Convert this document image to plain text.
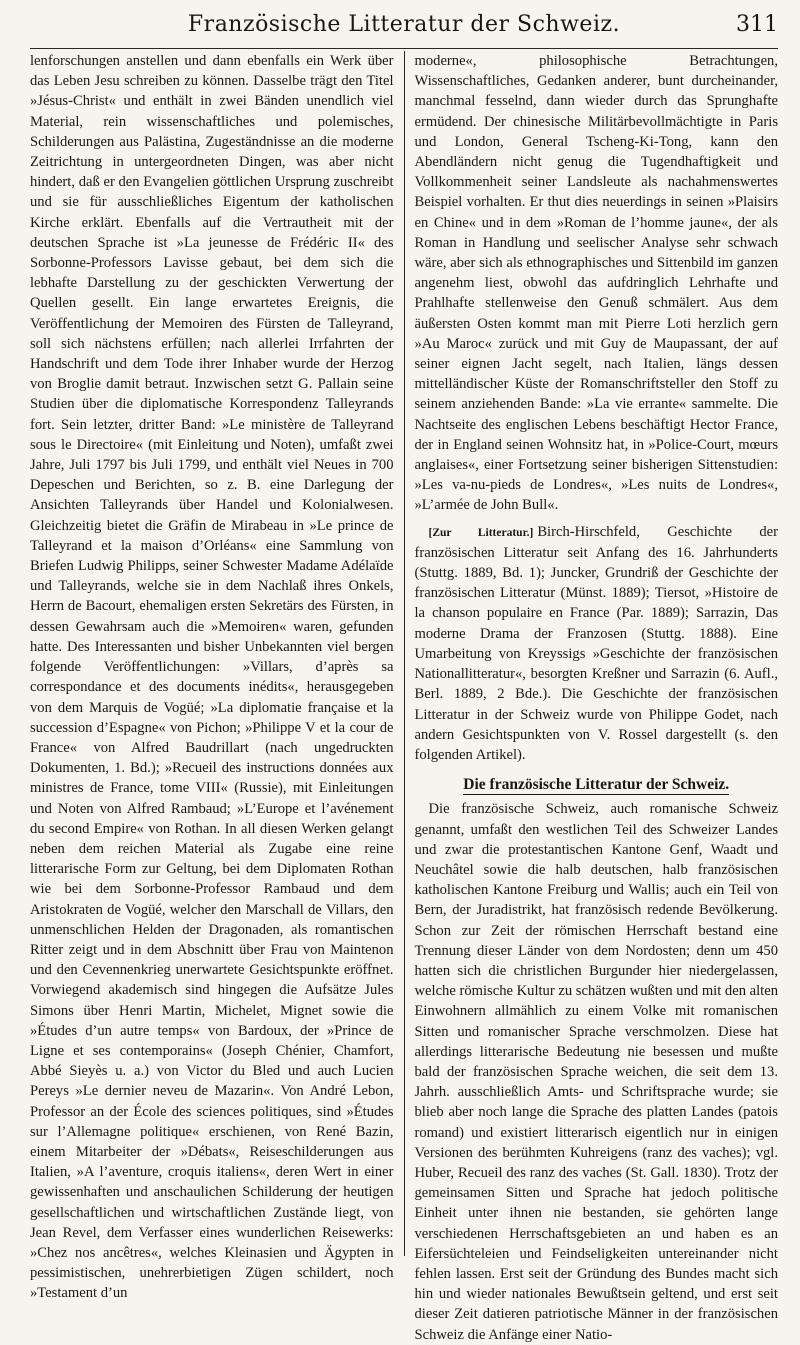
Französische Litteratur der Schweiz.	311

lenforschungen anstellen und dann ebenfalls ein Werk über das Leben Jesu schreiben zu können. Dasselbe trägt den Titel »Jésus-Christ« und enthält in zwei Bänden unendlich viel Material, rein wissenschaftliches und polemisches, Schilderungen aus Palästina, Zugeständnisse an die moderne Zeitrichtung in untergeordneten Dingen, was aber nicht hindert, daß er den Evangelien göttlichen Ursprung zuschreibt und sie für ausschließliches Eigentum der katholischen Kirche erklärt. Ebenfalls auf die Vertrautheit mit der deutschen Sprache ist »La jeunesse de Frédéric II« des Sorbonne-Professors Lavisse gebaut, bei dem sich die lebhafte Darstellung zu der geschickten Verwertung der Quellen gesellt. Ein lange erwartetes Ereignis, die Veröffentlichung der Memoiren des Fürsten de Talleyrand, soll sich nächstens erfüllen; nach allerlei Irrfahrten der Handschrift und dem Tode ihrer Inhaber wurde der Herzog von Broglie damit betraut. Inzwischen setzt G. Pallain seine Studien über die diplomatische Korrespondenz Talleyrands fort. Sein letzter, dritter Band: »Le ministère de Talleyrand sous le Directoire« (mit Einleitung und Noten), umfaßt zwei Jahre, Juli 1797 bis Juli 1799, und enthält viel Neues in 700 Depeschen und Berichten, so z. B. eine Darlegung der Ansichten Talleyrands über Handel und Kolonialwesen. Gleichzeitig bietet die Gräfin de Mirabeau in »Le prince de Talleyrand et la maison d’Orléans« eine Sammlung von Briefen Ludwig Philipps, seiner Schwester Madame Adélaïde und Talleyrands, welche sie in dem Nachlaß ihres Onkels, Herrn de Bacourt, ehemaligen ersten Sekretärs des Fürsten, in dessen Gewahrsam auch die »Memoiren« waren, gefunden hatte. Des Interessanten und bisher Unbekannten viel bergen folgende Veröffentlichungen: »Villars, d’après sa correspondance et des documents inédits«, herausgegeben von dem Marquis de Vogüé; »La diplomatie française et la succession d’Espagne« von Pichon; »Philippe V et la cour de France« von Alfred Baudrillart (nach ungedruckten Dokumenten, 1. Bd.); »Recueil des instructions données aux ministres de France, tome VIII« (Russie), mit Einleitungen und Noten von Alfred Rambaud; »L’Europe et l’avénement du second Empire« von Rothan. In all diesen Werken gelangt neben dem reichen Material als Zugabe eine reine litterarische Form zur Geltung, bei dem Diplomaten Rothan wie bei dem Sorbonne-Professor Rambaud und dem Aristokraten de Vogüé, welcher den Marschall de Villars, den unmenschlichen Helden der Dragonaden, als romantischen Ritter zeigt und in dem Abschnitt über Frau von Maintenon und den Cevennenkrieg unerwartete Gesichtspunkte eröffnet. Vorwiegend akademisch sind hingegen die Aufsätze Jules Simons über Henri Martin, Michelet, Mignet sowie die »Études d’un autre temps« von Bardoux, der »Prince de Ligne et ses contemporains« (Joseph Chénier, Chamfort, Abbé Sieyès u. a.) von Victor du Bled und auch Lucien Pereys »Le dernier neveu de Mazarin«. Von André Lebon, Professor an der École des sciences politiques, sind »Études sur l’Allemagne politique« erschienen, von René Bazin, einem Mitarbeiter der »Débats«, Reiseschilderungen aus Italien, »A l’aventure, croquis italiens«, deren Wert in einer gewissenhaften und anschaulichen Schilderung der heutigen gesellschaftlichen und wirtschaftlichen Zustände liegt, von Jean Revel, dem Verfasser eines wunderlichen Reisewerks: »Chez nos ancêtres«, welches Kleinasien und Ägypten in pessimistischen, unehrerbietigen Zügen schildert, noch »Testament d’un

moderne«, philosophische Betrachtungen, Wissenschaftliches, Gedanken anderer, bunt durcheinander, manchmal fesselnd, dann wieder durch das Sprunghafte ermüdend. Der chinesische Militärbevollmächtigte in Paris und London, General Tscheng-Ki-Tong, kann den Abendländern nicht genug die Tugendhaftigkeit und Vollkommenheit seiner Landsleute als nachahmenswertes Beispiel vorhalten. Er thut dies neuerdings in seinen »Plaisirs en Chine« und in dem »Roman de l’homme jaune«, der als Roman in Handlung und seelischer Analyse sehr schwach wäre, aber sich als ethnographisches und Sittenbild im ganzen angenehm liest, obwohl das aufdringlich Lehrhafte und Prahlhafte stellenweise den Genuß schmälert. Aus dem äußersten Osten kommt man mit Pierre Loti herzlich gern »Au Maroc« zurück und mit Guy de Maupassant, der auf seiner eignen Jacht segelt, nach Italien, längs dessen mittelländischer Küste der Romanschriftsteller den Stoff zu seinem anziehenden Bande: »La vie errante« sammelte. Die Nachtseite des englischen Lebens beschäftigt Hector France, der in England seinen Wohnsitz hat, in »Police-Court, mœurs anglaises«, einer Fortsetzung seiner bisherigen Sittenstudien: »Les va-nu-pieds de Londres«, »Les nuits de Londres«, »L’armée de John Bull«.

[Zur Litteratur.] Birch-Hirschfeld, Geschichte der französischen Litteratur seit Anfang des 16. Jahrhunderts (Stuttg. 1889, Bd. 1); Juncker, Grundriß der Geschichte der französischen Litteratur (Münst. 1889); Tiersot, »Histoire de la chanson populaire en France (Par. 1889); Sarrazin, Das moderne Drama der Franzosen (Stuttg. 1888). Eine Umarbeitung von Kreyssigs »Geschichte der französischen Nationallitteratur«, besorgten Kreßner und Sarrazin (6. Aufl., Berl. 1889, 2 Bde.). Die Geschichte der französischen Litteratur in der Schweiz wurde von Philippe Godet, nach andern Gesichtspunkten von V. Rossel dargestellt (s. den folgenden Artikel).

Die französische Litteratur der Schweiz.

Die französische Schweiz, auch romanische Schweiz genannt, umfaßt den westlichen Teil des Schweizer Landes und zwar die protestantischen Kantone Genf, Waadt und Neuchâtel sowie die halb deutschen, halb französischen katholischen Kantone Freiburg und Wallis; auch ein Teil von Bern, der Juradistrikt, hat französisch redende Bevölkerung. Schon zur Zeit der römischen Herrschaft bestand eine Trennung dieser Länder von dem Nordosten; denn um 450 hatten sich die christlichen Burgunder hier niedergelassen, welche römische Kultur zu schätzen wußten und mit den alten Einwohnern allmählich zu einem Volke mit romanischen Sitten und romanischer Sprache verschmolzen. Diese hat allerdings litterarische Bedeutung nie besessen und mußte bald der französischen Sprache weichen, die seit dem 13. Jahrh. ausschließlich Amts- und Schriftsprache wurde; sie blieb aber noch lange die Sprache des platten Landes (patois romand) und existiert litterarisch eigentlich nur in einigen Versionen des berühmten Kuhreigens (ranz des vaches); vgl. Huber, Recueil des ranz des vaches (St. Gall. 1830). Trotz der gemeinsamen Sitten und Sprache hat jedoch politische Einheit unter ihnen nie bestanden, sie gehörten lange verschiedenen Herrschaftsgebieten an und haben es an Eifersüchteleien und Feindseligkeiten untereinander nicht fehlen lassen. Erst seit der Gründung des Bundes macht sich hin und wieder nationales Bewußtsein geltend, und erst seit dieser Zeit datieren patriotische Männer in der französischen Schweiz die Anfänge einer Natio-
